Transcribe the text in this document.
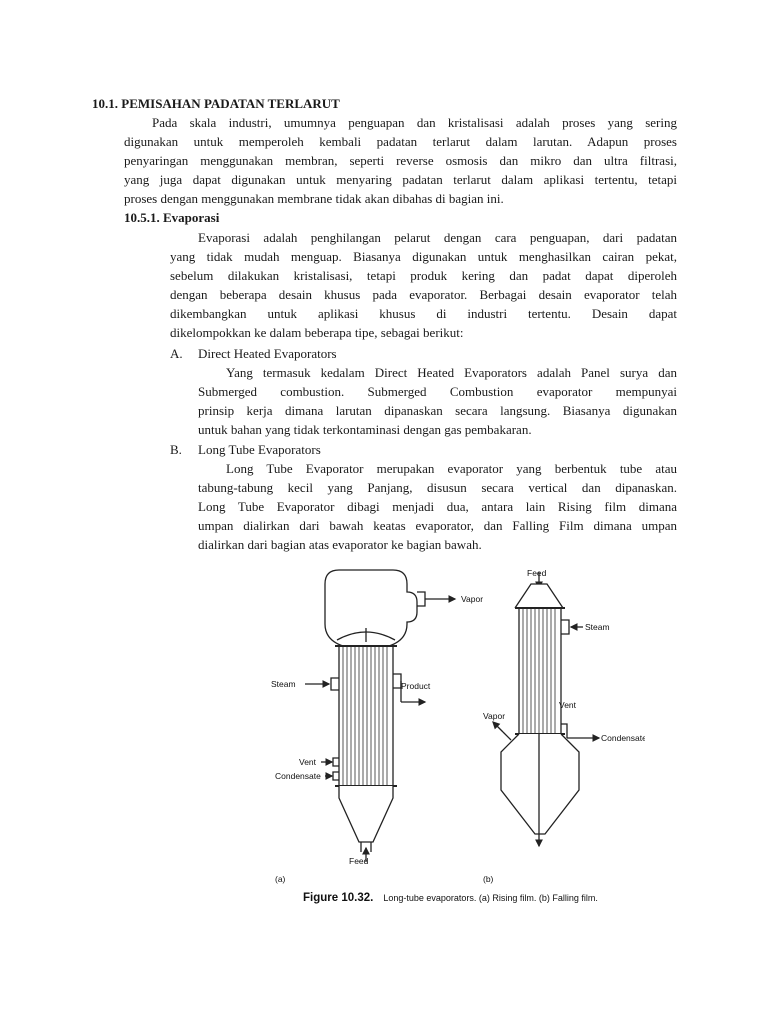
10.1. PEMISAHAN PADATAN TERLARUT
Pada skala industri, umumnya penguapan dan kristalisasi adalah proses yang sering
digunakan untuk memperoleh kembali padatan terlarut dalam larutan. Adapun proses
penyaringan menggunakan membran, seperti reverse osmosis dan mikro dan ultra filtrasi,
yang juga dapat digunakan untuk menyaring padatan terlarut dalam aplikasi tertentu, tetapi
proses dengan menggunakan membrane tidak akan dibahas di bagian ini.
10.5.1. Evaporasi
Evaporasi adalah penghilangan pelarut dengan cara penguapan, dari padatan
yang tidak mudah menguap. Biasanya digunakan untuk menghasilkan cairan pekat,
sebelum dilakukan kristalisasi, tetapi produk kering dan padat dapat diperoleh
dengan beberapa desain khusus pada evaporator. Berbagai desain evaporator telah
dikembangkan untuk aplikasi khusus di industri tertentu. Desain dapat
dikelompokkan ke dalam beberapa tipe, sebagai berikut:
A. Direct Heated Evaporators
Yang termasuk kedalam Direct Heated Evaporators adalah Panel surya dan
Submerged combustion. Submerged Combustion evaporator mempunyai
prinsip kerja dimana larutan dipanaskan secara langsung. Biasanya digunakan
untuk bahan yang tidak terkontaminasi dengan gas pembakaran.
B. Long Tube Evaporators
Long Tube Evaporator merupakan evaporator yang berbentuk tube atau
tabung-tabung kecil yang Panjang, disusun secara vertical dan dipanaskan.
Long Tube Evaporator dibagi menjadi dua, antara lain Rising film dimana
umpan dialirkan dari bawah keatas evaporator, dan Falling Film dimana umpan
dialirkan dari bagian atas evaporator ke bagian bawah.
Vapor
Steam	Product
Vent
Condensate
Feed
(a)
Feed
Steam
Vapor
Vent
Condensate
(b)
Figure 10.32. Long-tube evaporators. (a) Rising film. (b) Falling film.
